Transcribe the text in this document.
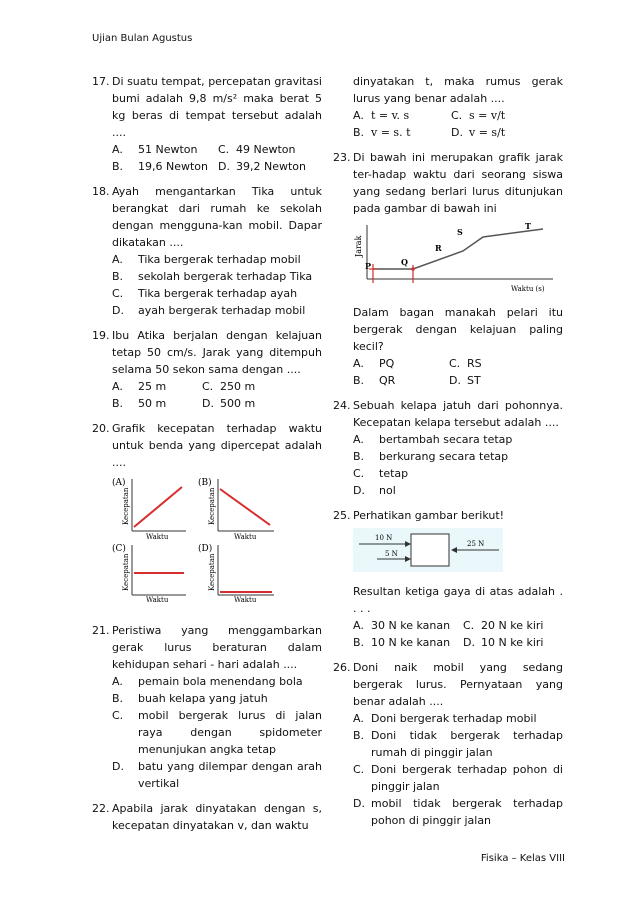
Ujian Bulan Agustus
17. Di suatu tempat, percepatan gravitasi bumi adalah 9,8 m/s² maka berat 5 kg beras di tempat tersebut adalah ....
A.	51 Newton C. 49 Newton
B.	19,6 Newton D. 39,2 Newton
18. Ayah mengantarkan Tika untuk berangkat dari rumah ke sekolah dengan mengguna-kan mobil. Dapar dikatakan ....
A.	Tika bergerak terhadap mobil
B.	sekolah bergerak terhadap Tika
C.	Tika bergerak terhadap ayah
D.	ayah bergerak terhadap mobil
19. Ibu Atika berjalan dengan kelajuan tetap 50 cm/s. Jarak yang ditempuh selama 50 sekon sama dengan ....
A.	25 m	C. 250 m
B.	50 m	D. 500 m
20. Grafik kecepatan terhadap waktu untuk benda yang dipercepat adalah ....
(A)
Kecepatan
Waktu
(B)
Kecepatan
Waktu
(C)
Kecepatan
Waktu
(D)
Kecepatan
Waktu
21. Peristiwa yang menggambarkan gerak lurus beraturan dalam kehidupan sehari - hari adalah ....
A.	pemain bola menendang bola
B.	buah kelapa yang jatuh
C.	mobil bergerak lurus di jalan raya dengan spidometer menunjukan angka tetap
D.	batu yang dilempar dengan arah vertikal
22. Apabila jarak dinyatakan dengan s, kecepatan dinyatakan v, dan waktu
dinyatakan t, maka rumus gerak lurus yang benar adalah ....
A. t = v. s	C. s = v/t
B. v = s. t	D. v = s/t
23. Di bawah ini merupakan grafik jarak ter-hadap waktu dari seorang siswa yang sedang berlari lurus ditunjukan pada gambar di bawah ini
Jarak
P	Q
R
S
T
Waktu (s)
Dalam bagan manakah pelari itu bergerak dengan kelajuan paling kecil?
A.	PQ	C. RS
B.	QR	D. ST
24. Sebuah kelapa jatuh dari pohonnya. Kecepatan kelapa tersebut adalah ....
A.	bertambah secara tetap
B.	berkurang secara tetap
C.	tetap
D.	nol
25. Perhatikan gambar berikut!
10 N
5 N
25 N
Resultan ketiga gaya di atas adalah . . . .
A. 30 N ke kanan C. 20 N ke kiri
B. 10 N ke kanan D. 10 N ke kiri
26. Doni naik mobil yang sedang bergerak lurus. Pernyataan yang benar adalah ....
A. Doni bergerak terhadap mobil
B. Doni tidak bergerak terhadap rumah di pinggir jalan
C. Doni bergerak terhadap pohon di pinggir jalan
D. mobil tidak bergerak terhadap pohon di pinggir jalan
Fisika – Kelas VIII
